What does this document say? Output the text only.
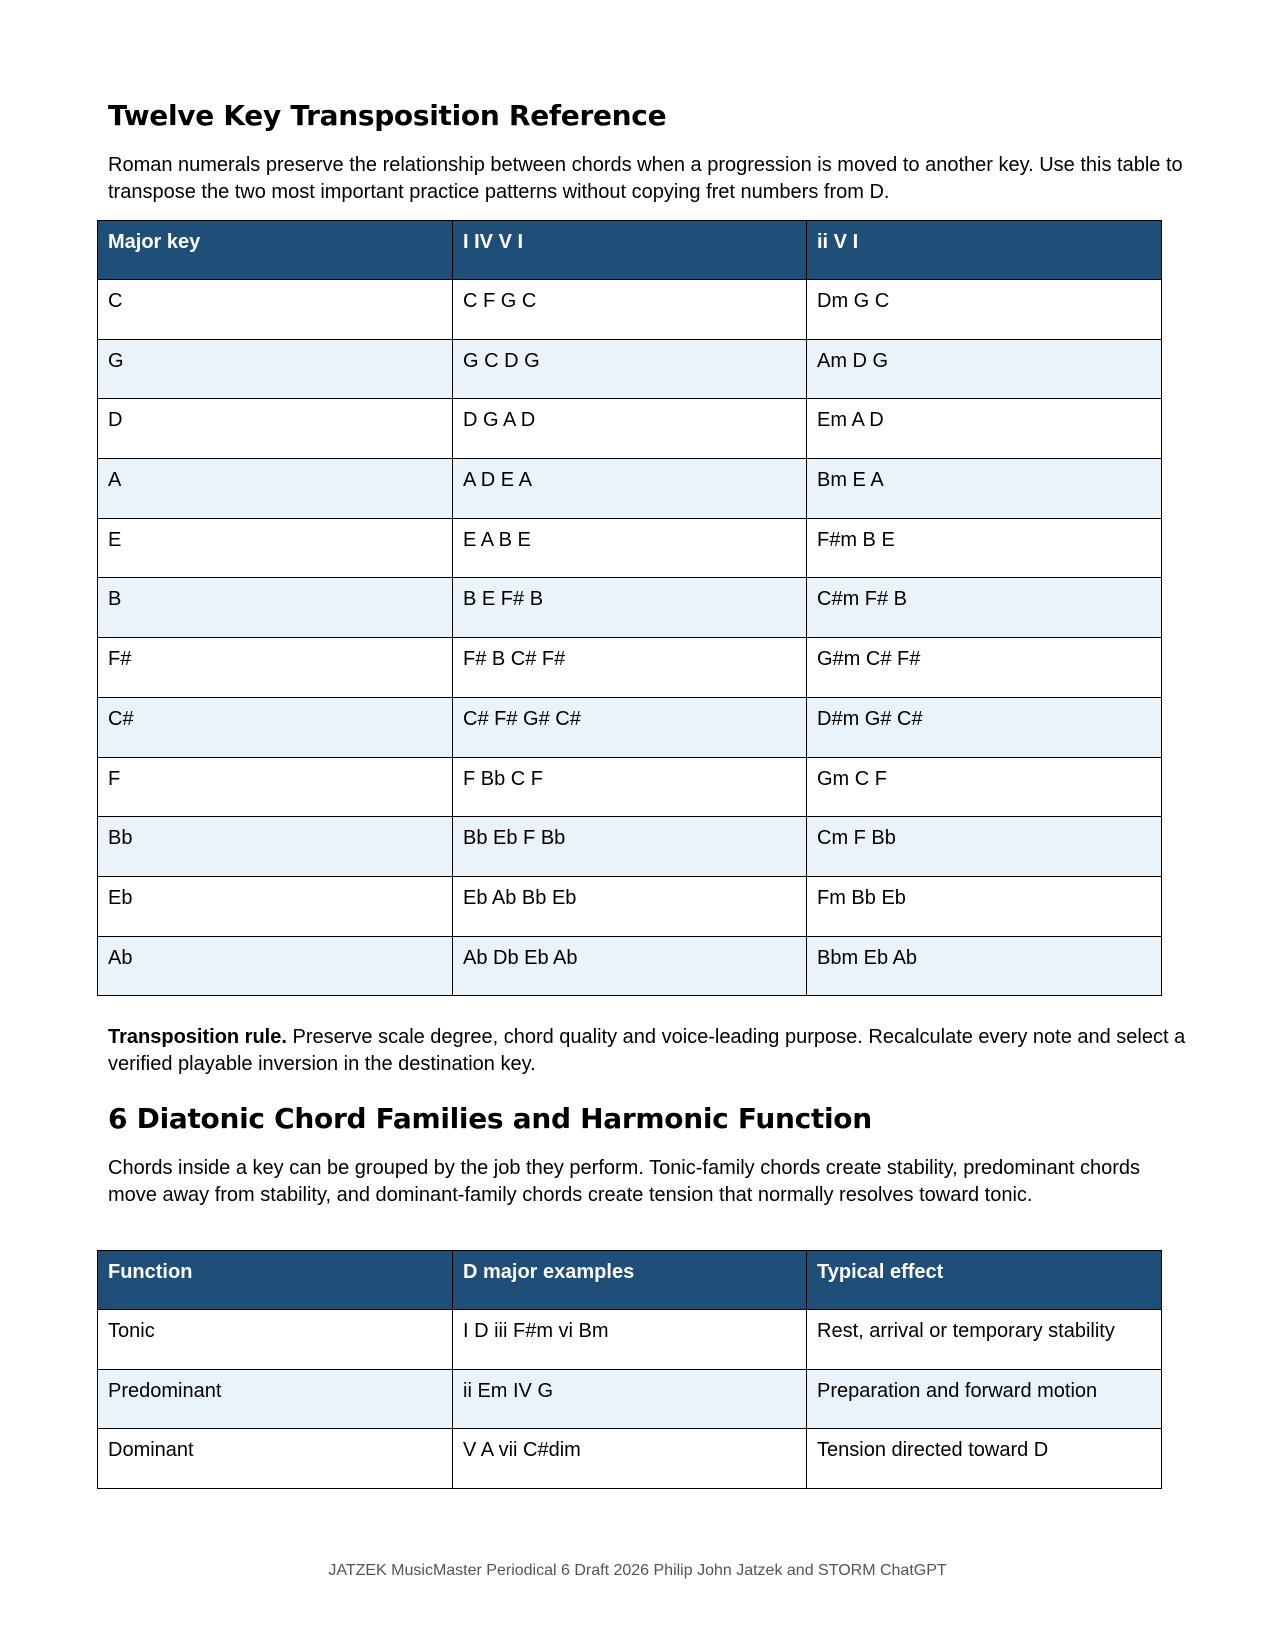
Twelve Key Transposition Reference

Roman numerals preserve the relationship between chords when a progression is moved to another key. Use this table to transpose the two most important practice patterns without copying fret numbers from D.

Major key	I IV V I	ii V I
C	C F G C	Dm G C
G	G C D G	Am D G
D	D G A D	Em A D
A	A D E A	Bm E A
E	E A B E	F#m B E
B	B E F# B	C#m F# B
F#	F# B C# F#	G#m C# F#
C#	C# F# G# C#	D#m G# C#
F	F Bb C F	Gm C F
Bb	Bb Eb F Bb	Cm F Bb
Eb	Eb Ab Bb Eb	Fm Bb Eb
Ab	Ab Db Eb Ab	Bbm Eb Ab

Transposition rule. Preserve scale degree, chord quality and voice-leading purpose. Recalculate every note and select a verified playable inversion in the destination key.

6 Diatonic Chord Families and Harmonic Function

Chords inside a key can be grouped by the job they perform. Tonic-family chords create stability, predominant chords move away from stability, and dominant-family chords create tension that normally resolves toward tonic.

Function	D major examples	Typical effect
Tonic	I D iii F#m vi Bm	Rest, arrival or temporary stability
Predominant	ii Em IV G	Preparation and forward motion
Dominant	V A vii C#dim	Tension directed toward D
JATZEK MusicMaster Periodical 6 Draft 2026 Philip John Jatzek and STORM ChatGPT
